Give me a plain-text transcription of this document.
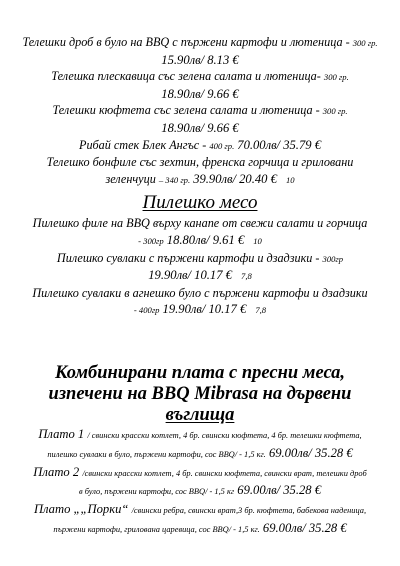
Телешки дроб в було на BBQ с пържени картофи и лютеница - 300 гр. 15.90лв/ 8.13 €

Телешка плескавица със зелена салата и лютеница- 300 гр.
18.90лв/ 9.66 €

Телешки кюфтета със зелена салата и лютеница - 300 гр.
18.90лв/ 9.66 €

Рибай стек Блек Ангъс - 400 гр. 70.00лв/ 35.79 €

Телешко бонфиле със зехтин, френска горчица и гриловани
зеленчуци – 340 гр. 39.90лв/ 20.40 € 10

Пилешко месо

Пилешко филе на BBQ върху канапе от свежи салати и горчица
- 300гр 18.80лв/ 9.61 € 10

Пилешко сувлаки с пържени картофи и дзадзики - 300гр
19.90лв/ 10.17 € 7,8

Пилешко сувлаки в агнешко було с пържени картофи и дзадзики
- 400гр 19.90лв/ 10.17 € 7,8

Комбинирани плата с пресни меса,

изпечени на BBQ Mibrasa на дървени

въглища

Плато 1 / свински крaсски котлет, 4 бр. свински кюфтета, 4 бр. телешки кюфтета,
пилешко сувлаки в було, пържени картофи, сос BBQ/ - 1,5 кг. 69.00лв/ 35.28 €

Плато 2 /свински крaсски котлет, 4 бр. свински кюфтета, свински врат, телешки дроб
в було, пържени картофи, сос BBQ/ - 1,5 кг 69.00лв/ 35.28 €

Плато „„Порки“ /свински ребра, свински врат,3 бр. кюфтета, бабекова наденица,
пържени картофи, гриловaна царевица, сос BBQ/ - 1,5 кг. 69.00лв/ 35.28 €
